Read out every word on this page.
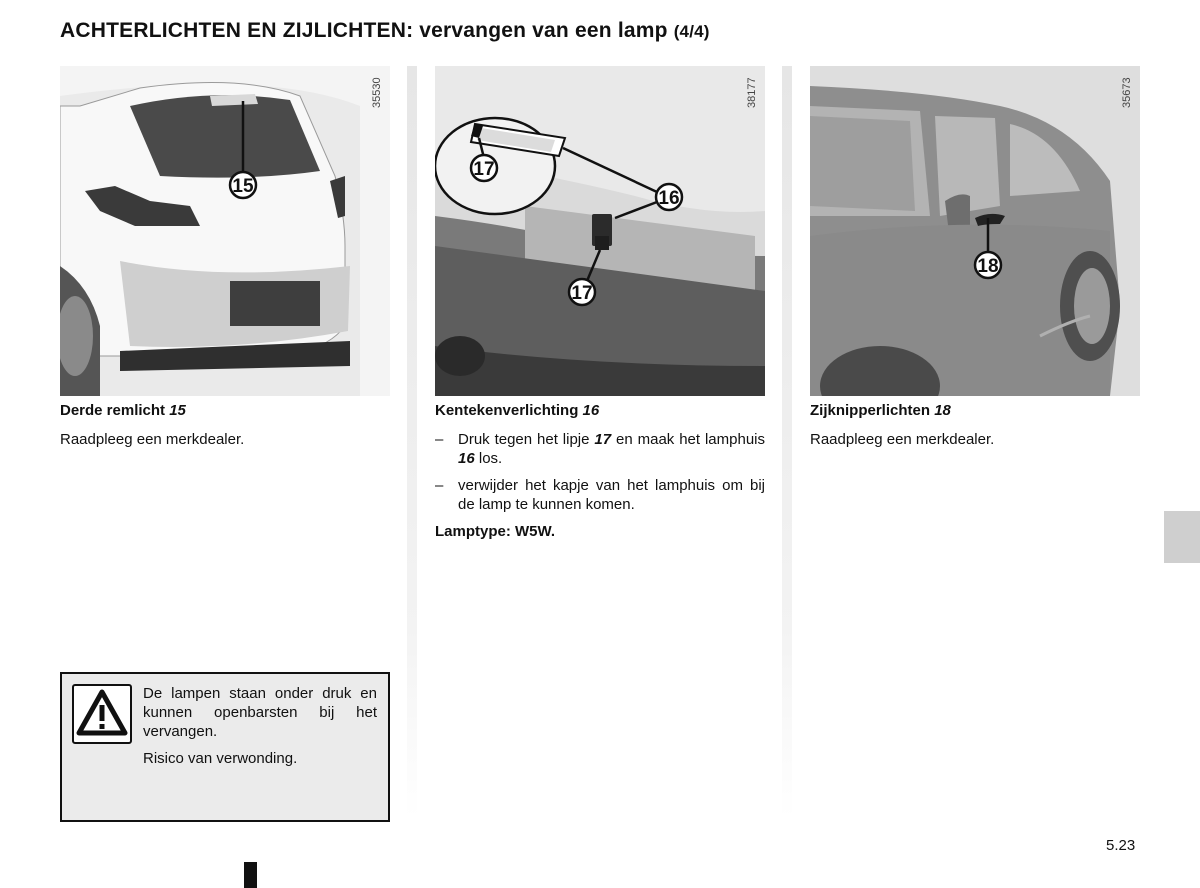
ACHTERLICHTEN EN ZIJLICHTEN: vervangen van een lamp (4/4)
15
35530
17
16
17
38177
18
35673
Derde remlicht 15
Raadpleeg een merkdealer.
Kentekenverlichting 16
– Druk tegen het lipje 17 en maak het lamphuis 16 los.
– verwijder het kapje van het lamphuis om bij de lamp te kunnen komen.
Lamptype: W5W.
Zijknipperlichten 18
Raadpleeg een merkdealer.

De lampen staan onder druk en kunnen openbarsten bij het vervangen.

Risico van verwonding.

5.23
